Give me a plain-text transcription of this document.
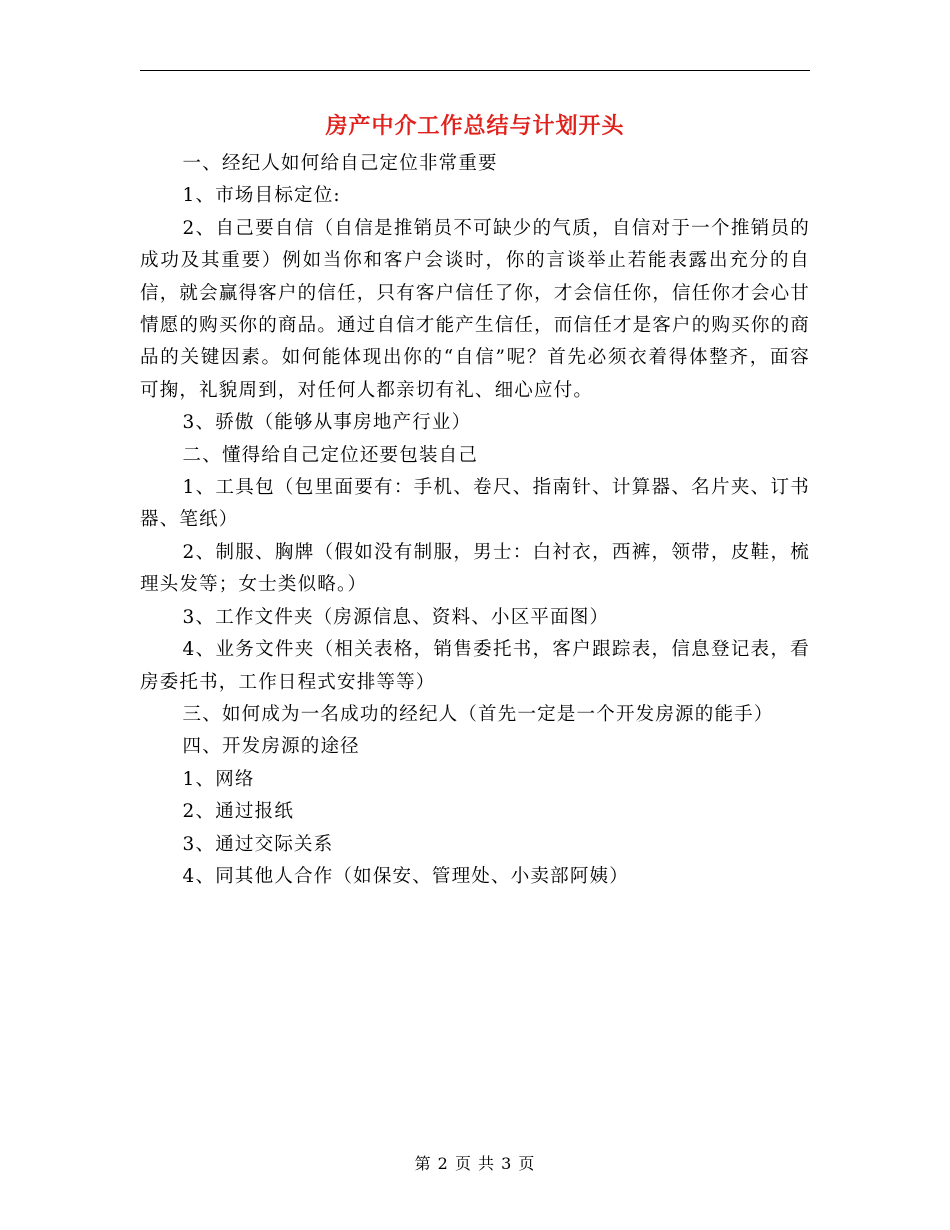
房产中介工作总结与计划开头

一、经纪人如何给自己定位非常重要

1、市场目标定位:

2、自己要自信（自信是推销员不可缺少的气质，自信对于一个推销员的成功及其重要）例如当你和客户会谈时，你的言谈举止若能表露出充分的自信，就会赢得客户的信任，只有客户信任了你，才会信任你，信任你才会心甘情愿的购买你的商品。通过自信才能产生信任，而信任才是客户的购买你的商品的关键因素。如何能体现出你的“自信”呢？首先必须衣着得体整齐，面容可掬，礼貌周到，对任何人都亲切有礼、细心应付。

3、骄傲（能够从事房地产行业）

二、懂得给自己定位还要包装自己

1、工具包（包里面要有：手机、卷尺、指南针、计算器、名片夹、订书器、笔纸）

2、制服、胸牌（假如没有制服，男士：白衬衣，西裤，领带，皮鞋，梳理头发等；女士类似略。）

3、工作文件夹（房源信息、资料、小区平面图）

4、业务文件夹（相关表格，销售委托书，客户跟踪表，信息登记表，看房委托书，工作日程式安排等等）

三、如何成为一名成功的经纪人（首先一定是一个开发房源的能手）

四、开发房源的途径

1、网络

2、通过报纸

3、通过交际关系

4、同其他人合作（如保安、管理处、小卖部阿姨）

第 2 页 共 3 页
